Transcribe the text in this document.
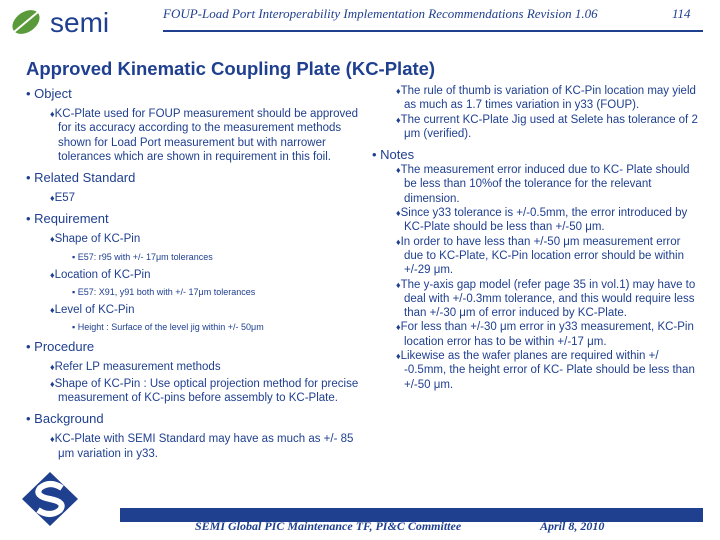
semi	FOUP-Load Port Interoperability Implementation Recommendations Revision 1.06	114
Approved Kinematic Coupling Plate (KC-Plate)
• Object
♦KC-Plate used for FOUP measurement should be approved for its accuracy according to the measurement methods shown for Load Port measurement but with narrower tolerances which are shown in requirement in this foil.
• Related Standard
♦E57
• Requirement
♦Shape of KC-Pin
▪ E57: r95 with +/- 17μm tolerances
♦Location of KC-Pin
▪ E57: X91, y91 both with +/- 17μm tolerances
♦Level of KC-Pin
▪ Height : Surface of the level jig within +/- 50μm
• Procedure
♦Refer LP measurement methods
♦Shape of KC-Pin : Use optical projection method for precise measurement of KC-pins before assembly to KC-Plate.
• Background
♦KC-Plate with SEMI Standard may have as much as +/- 85 μm variation in y33.
♦The rule of thumb is variation of KC-Pin location may yield as much as 1.7 times variation in y33 (FOUP).
♦The current KC-Plate Jig used at Selete has tolerance of 2 μm (verified).
• Notes
♦The measurement error induced due to KC- Plate should be less than 10%of the tolerance for the relevant dimension.
♦Since y33 tolerance is +/-0.5mm, the error introduced by KC-Plate should be less than +/-50 μm.
♦In order to have less than +/-50 μm measurement error due to KC-Plate, KC-Pin location error should be within +/-29 μm.
♦The y-axis gap model (refer page 35 in vol.1) may have to deal with +/-0.3mm tolerance, and this would require less than +/-30 μm of error induced by KC-Plate.
♦For less than +/-30 μm error in y33 measurement, KC-Pin location error has to be within +/-17 μm.
♦Likewise as the wafer planes are required within +/ -0.5mm, the height error of KC- Plate should be less than +/-50 μm.
SEMI Global PIC Maintenance TF, PI&C Committee	April 8, 2010
